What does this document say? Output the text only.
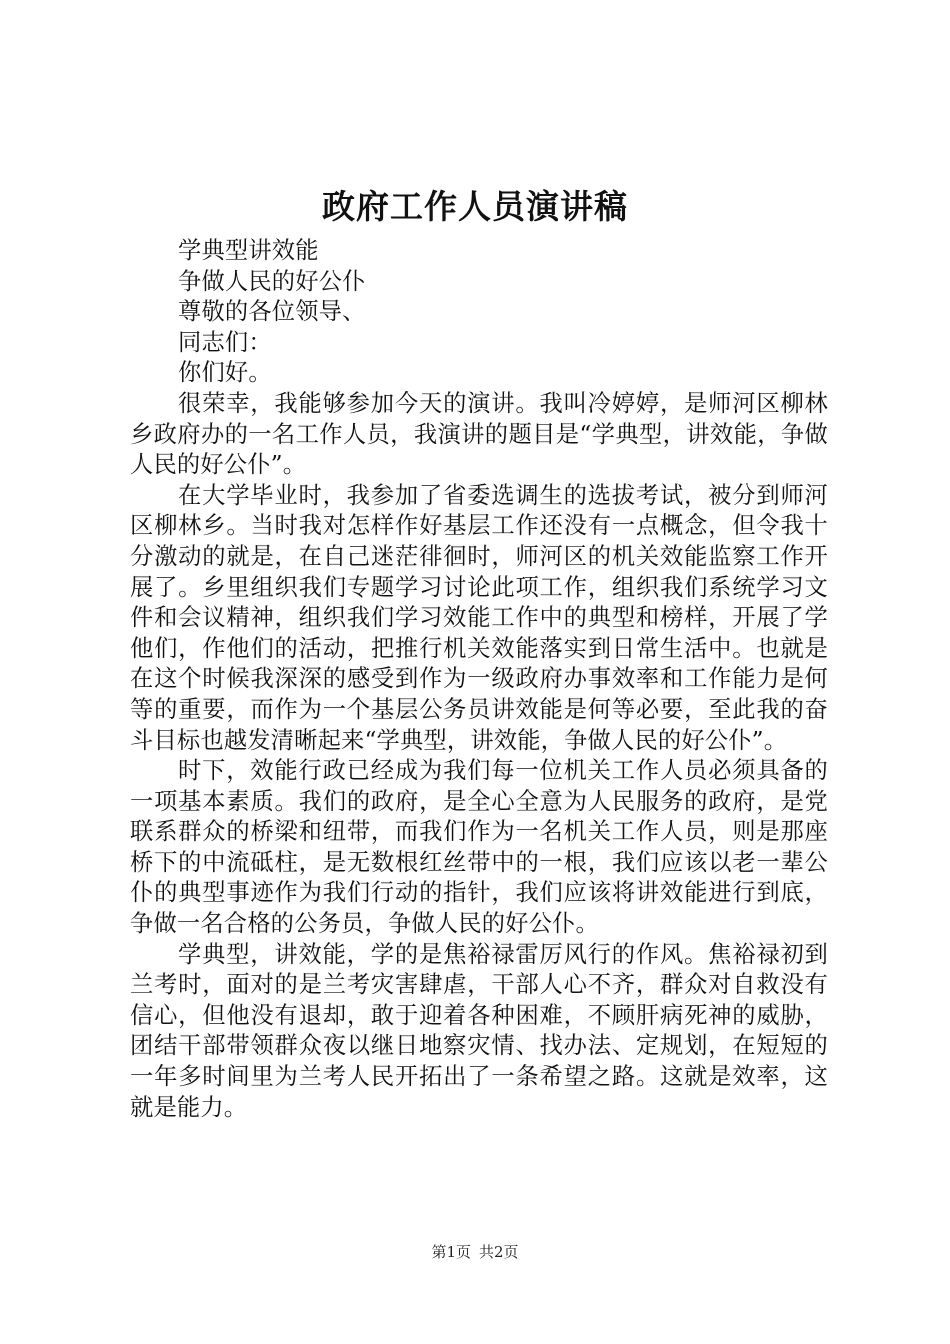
政府工作人员演讲稿

学典型讲效能

争做人民的好公仆

尊敬的各位领导、

同志们：

你们好。

很荣幸，我能够参加今天的演讲。我叫冷婷婷，是师河区柳林乡政府办的一名工作人员，我演讲的题目是“学典型，讲效能，争做人民的好公仆”。

在大学毕业时，我参加了省委选调生的选拔考试，被分到师河区柳林乡。当时我对怎样作好基层工作还没有一点概念，但令我十分激动的就是，在自己迷茫徘徊时，师河区的机关效能监察工作开展了。乡里组织我们专题学习讨论此项工作，组织我们系统学习文件和会议精神，组织我们学习效能工作中的典型和榜样，开展了学他们，作他们的活动，把推行机关效能落实到日常生活中。也就是在这个时候我深深的感受到作为一级政府办事效率和工作能力是何等的重要，而作为一个基层公务员讲效能是何等必要，至此我的奋斗目标也越发清晰起来“学典型，讲效能，争做人民的好公仆”。

时下，效能行政已经成为我们每一位机关工作人员必须具备的一项基本素质。我们的政府，是全心全意为人民服务的政府，是党联系群众的桥梁和纽带，而我们作为一名机关工作人员，则是那座桥下的中流砥柱，是无数根红丝带中的一根，我们应该以老一辈公仆的典型事迹作为我们行动的指针，我们应该将讲效能进行到底，争做一名合格的公务员，争做人民的好公仆。

学典型，讲效能，学的是焦裕禄雷厉风行的作风。焦裕禄初到兰考时，面对的是兰考灾害肆虐，干部人心不齐，群众对自救没有信心，但他没有退却，敢于迎着各种困难，不顾肝病死神的威胁，团结干部带领群众夜以继日地察灾情、找办法、定规划，在短短的一年多时间里为兰考人民开拓出了一条希望之路。这就是效率，这就是能力。

第1页 共2页
